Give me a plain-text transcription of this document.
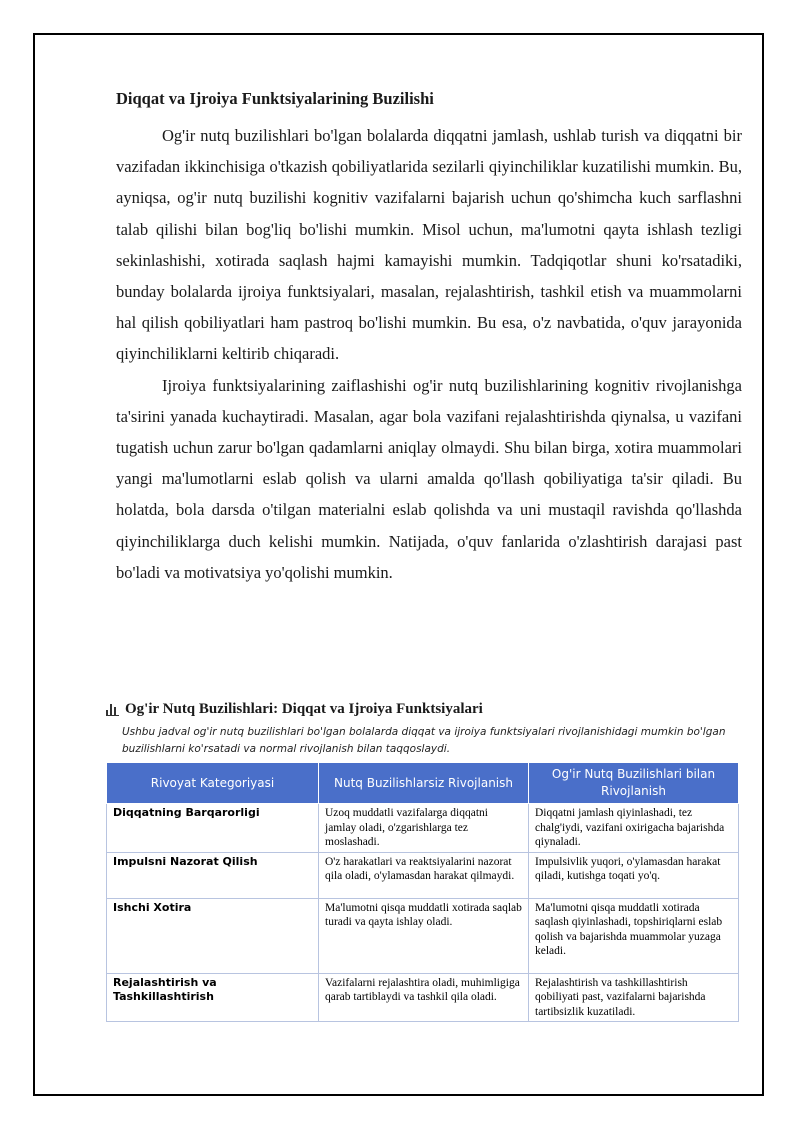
Diqqat va Ijroiya Funktsiyalarining Buzilishi

Og'ir nutq buzilishlari bo'lgan bolalarda diqqatni jamlash, ushlab turish va diqqatni bir vazifadan ikkinchisiga o'tkazish qobiliyatlarida sezilarli qiyinchiliklar kuzatilishi mumkin. Bu, ayniqsa, og'ir nutq buzilishi kognitiv vazifalarni bajarish uchun qo'shimcha kuch sarflashni talab qilishi bilan bog'liq bo'lishi mumkin. Misol uchun, ma'lumotni qayta ishlash tezligi sekinlashishi, xotirada saqlash hajmi kamayishi mumkin. Tadqiqotlar shuni ko'rsatadiki, bunday bolalarda ijroiya funktsiyalari, masalan, rejalashtirish, tashkil etish va muammolarni hal qilish qobiliyatlari ham pastroq bo'lishi mumkin. Bu esa, o'z navbatida, o'quv jarayonida qiyinchiliklarni keltirib chiqaradi.

Ijroiya funktsiyalarining zaiflashishi og'ir nutq buzilishlarining kognitiv rivojlanishga ta'sirini yanada kuchaytiradi. Masalan, agar bola vazifani rejalashtirishda qiynalsa, u vazifani tugatish uchun zarur bo'lgan qadamlarni aniqlay olmaydi. Shu bilan birga, xotira muammolari yangi ma'lumotlarni eslab qolish va ularni amalda qo'llash qobiliyatiga ta'sir qiladi. Bu holatda, bola darsda o'tilgan materialni eslab qolishda va uni mustaqil ravishda qo'llashda qiyinchiliklarga duch kelishi mumkin. Natijada, o'quv fanlarida o'zlashtirish darajasi past bo'ladi va motivatsiya yo'qolishi mumkin.

Og'ir Nutq Buzilishlari: Diqqat va Ijroiya Funktsiyalari
Ushbu jadval og'ir nutq buzilishlari bo'lgan bolalarda diqqat va ijroiya funktsiyalari rivojlanishidagi mumkin bo'lgan buzilishlarni ko'rsatadi va normal rivojlanish bilan taqqoslaydi.
Rivoyat Kategoriyasi	Nutq Buzilishlarsiz Rivojlanish	Og'ir Nutq Buzilishlari bilan Rivojlanish
Diqqatning Barqarorligi	Uzoq muddatli vazifalarga diqqatni jamlay oladi, o'zgarishlarga tez moslashadi.	Diqqatni jamlash qiyinlashadi, tez chalg'iydi, vazifani oxirigacha bajarishda qiynaladi.
Impulsni Nazorat Qilish	O'z harakatlari va reaktsiyalarini nazorat qila oladi, o'ylamasdan harakat qilmaydi.	Impulsivlik yuqori, o'ylamasdan harakat qiladi, kutishga toqati yo'q.
Ishchi Xotira	Ma'lumotni qisqa muddatli xotirada saqlab turadi va qayta ishlay oladi.	Ma'lumotni qisqa muddatli xotirada saqlash qiyinlashadi, topshiriqlarni eslab qolish va bajarishda muammolar yuzaga keladi.
Rejalashtirish va Tashkillashtirish	Vazifalarni rejalashtira oladi, muhimligiga qarab tartiblaydi va tashkil qila oladi.	Rejalashtirish va tashkillashtirish qobiliyati past, vazifalarni bajarishda tartibsizlik kuzatiladi.
